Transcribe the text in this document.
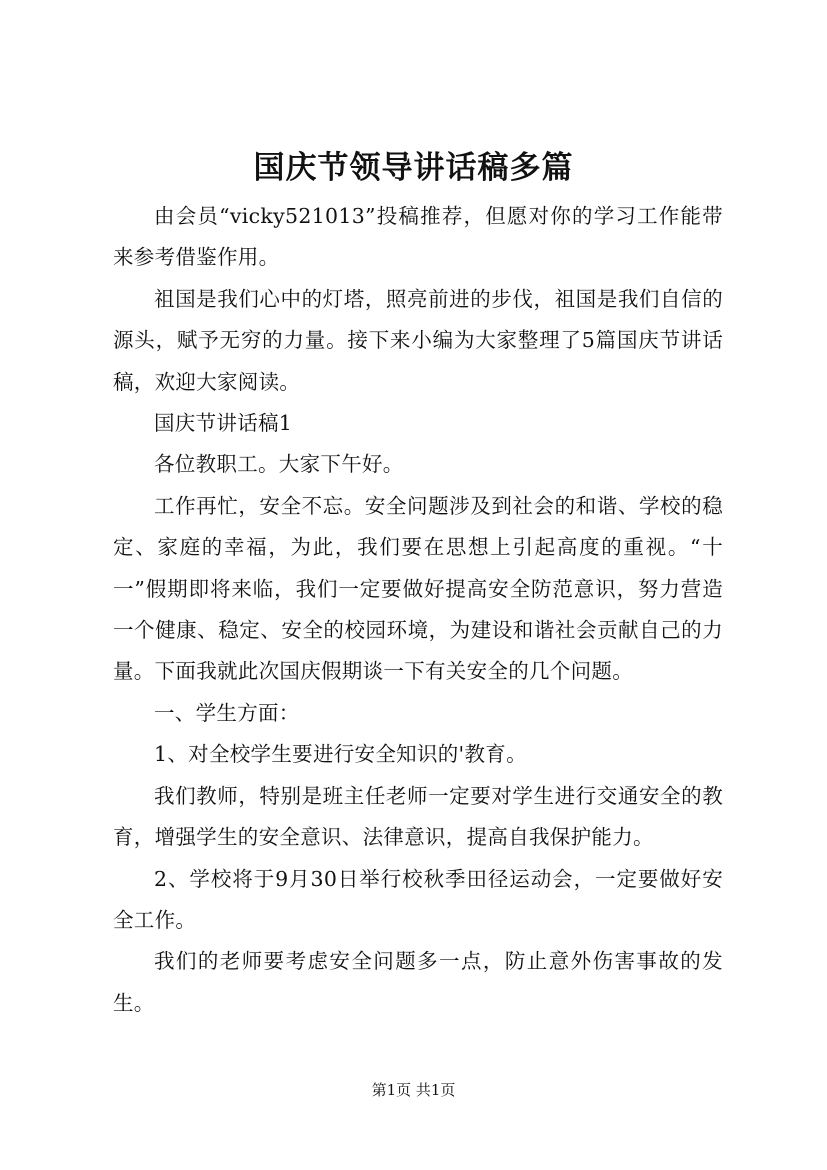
国庆节领导讲话稿多篇

由会员“vicky521013”投稿推荐，但愿对你的学习工作能带来参考借鉴作用。

祖国是我们心中的灯塔，照亮前进的步伐，祖国是我们自信的源头，赋予无穷的力量。接下来小编为大家整理了5篇国庆节讲话稿，欢迎大家阅读。

国庆节讲话稿1

各位教职工。大家下午好。

工作再忙，安全不忘。安全问题涉及到社会的和谐、学校的稳定、家庭的幸福，为此，我们要在思想上引起高度的重视。“十一”假期即将来临，我们一定要做好提高安全防范意识，努力营造一个健康、稳定、安全的校园环境，为建设和谐社会贡献自己的力量。下面我就此次国庆假期谈一下有关安全的几个问题。

一、学生方面：

1、对全校学生要进行安全知识的'教育。

我们教师，特别是班主任老师一定要对学生进行交通安全的教育，增强学生的安全意识、法律意识，提高自我保护能力。

2、学校将于9月30日举行校秋季田径运动会，一定要做好安全工作。

我们的老师要考虑安全问题多一点，防止意外伤害事故的发生。

第1页 共1页
